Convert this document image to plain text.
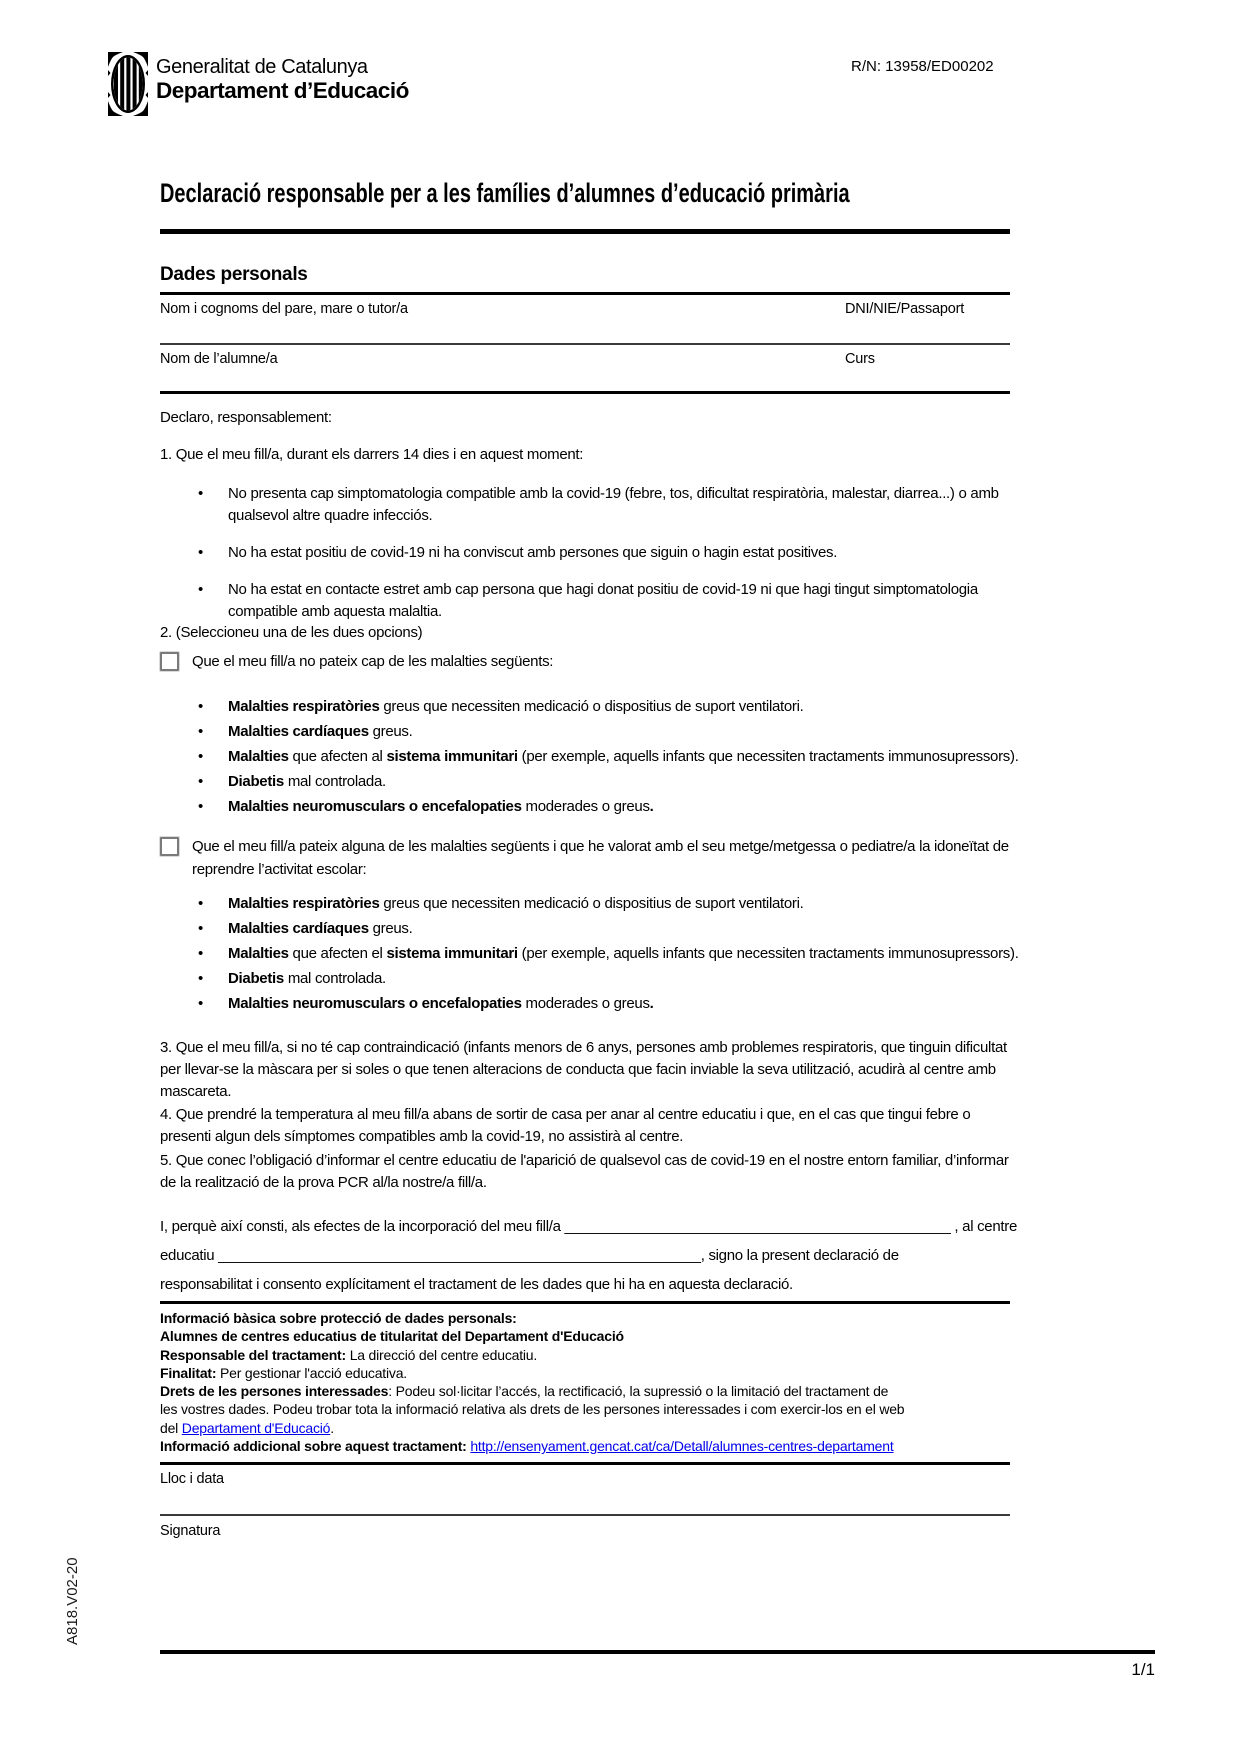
Generalitat de Catalunya
Departament d’Educació
R/N: 13958/ED00202
Declaració responsable per a les famílies d’alumnes d’educació primària
Dades personals
Nom i cognoms del pare, mare o tutor/a	DNI/NIE/Passaport
Nom de l’alumne/a	Curs
Declaro, responsablement:
1. Que el meu fill/a, durant els darrers 14 dies i en aquest moment:
• No presenta cap simptomatologia compatible amb la covid-19 (febre, tos, dificultat respiratòria, malestar, diarrea...) o amb qualsevol altre quadre infecciós.
• No ha estat positiu de covid-19 ni ha conviscut amb persones que siguin o hagin estat positives.
• No ha estat en contacte estret amb cap persona que hagi donat positiu de covid-19 ni que hagi tingut simptomatologia compatible amb aquesta malaltia.
2. (Seleccioneu una de les dues opcions)
Que el meu fill/a no pateix cap de les malalties següents:
• Malalties respiratòries greus que necessiten medicació o dispositius de suport ventilatori.
• Malalties cardíaques greus.
• Malalties que afecten al sistema immunitari (per exemple, aquells infants que necessiten tractaments immunosupressors).
• Diabetis mal controlada.
• Malalties neuromusculars o encefalopaties moderades o greus.
Que el meu fill/a pateix alguna de les malalties següents i que he valorat amb el seu metge/metgessa o pediatre/a la idoneïtat de reprendre l’activitat escolar:
• Malalties respiratòries greus que necessiten medicació o dispositius de suport ventilatori.
• Malalties cardíaques greus.
• Malalties que afecten el sistema immunitari (per exemple, aquells infants que necessiten tractaments immunosupressors).
• Diabetis mal controlada.
• Malalties neuromusculars o encefalopaties moderades o greus.
3. Que el meu fill/a, si no té cap contraindicació (infants menors de 6 anys, persones amb problemes respiratoris, que tinguin dificultat per llevar-se la màscara per si soles o que tenen alteracions de conducta que facin inviable la seva utilització, acudirà al centre amb mascareta.
4. Que prendré la temperatura al meu fill/a abans de sortir de casa per anar al centre educatiu i que, en el cas que tingui febre o presenti algun dels símptomes compatibles amb la covid-19, no assistirà al centre.
5. Que conec l’obligació d’informar el centre educatiu de l'aparició de qualsevol cas de covid-19 en el nostre entorn familiar, d’informar de la realització de la prova PCR al/la nostre/a fill/a.
I, perquè així consti, als efectes de la incorporació del meu fill/a ________________________________________________ , al centre
educatiu ____________________________________________________________, signo la present declaració de
responsabilitat i consento explícitament el tractament de les dades que hi ha en aquesta declaració.
Informació bàsica sobre protecció de dades personals:
Alumnes de centres educatius de titularitat del Departament d'Educació
Responsable del tractament: La direcció del centre educatiu.
Finalitat: Per gestionar l'acció educativa.
Drets de les persones interessades: Podeu sol·licitar l’accés, la rectificació, la supressió o la limitació del tractament de
les vostres dades. Podeu trobar tota la informació relativa als drets de les persones interessades i com exercir-los en el web
del Departament d'Educació.
Informació addicional sobre aquest tractament: http://ensenyament.gencat.cat/ca/Detall/alumnes-centres-departament
Lloc i data
Signatura
A818.V02-20
1/1
